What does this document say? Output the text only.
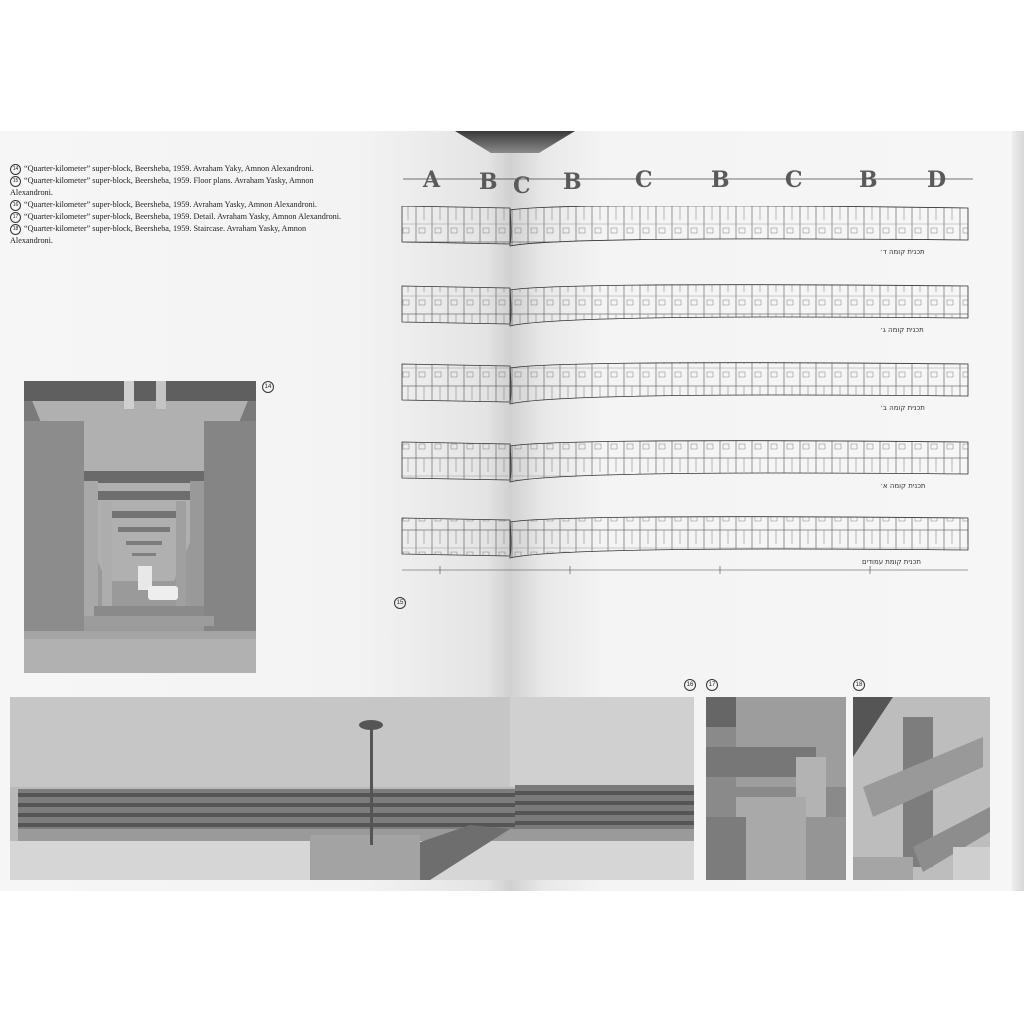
14 “Quarter-kilometer” super-block, Beersheba, 1959. Avraham Yaky, Amnon Alexandroni.

15 “Quarter-kilometer” super-block, Beersheba, 1959. Floor plans. Avraham Yasky, Amnon Alexandroni.

16 “Quarter-kilometer” super-block, Beersheba, 1959. Avraham Yasky, Amnon Alexandroni.

17 “Quarter-kilometer” super-block, Beersheba, 1959. Detail. Avraham Yasky, Amnon Alexandroni.

18 “Quarter-kilometer” super-block, Beersheba, 1959. Staircase. Avraham Yasky, Amnon Alexandroni.

14
A B C B C	B	C	B D
תכנית קומה ד׳
תכנית קומה ג׳
תכנית קומה ב׳
תכנית קומה א׳
תכנית קומת עמודים
15
16	17	18
